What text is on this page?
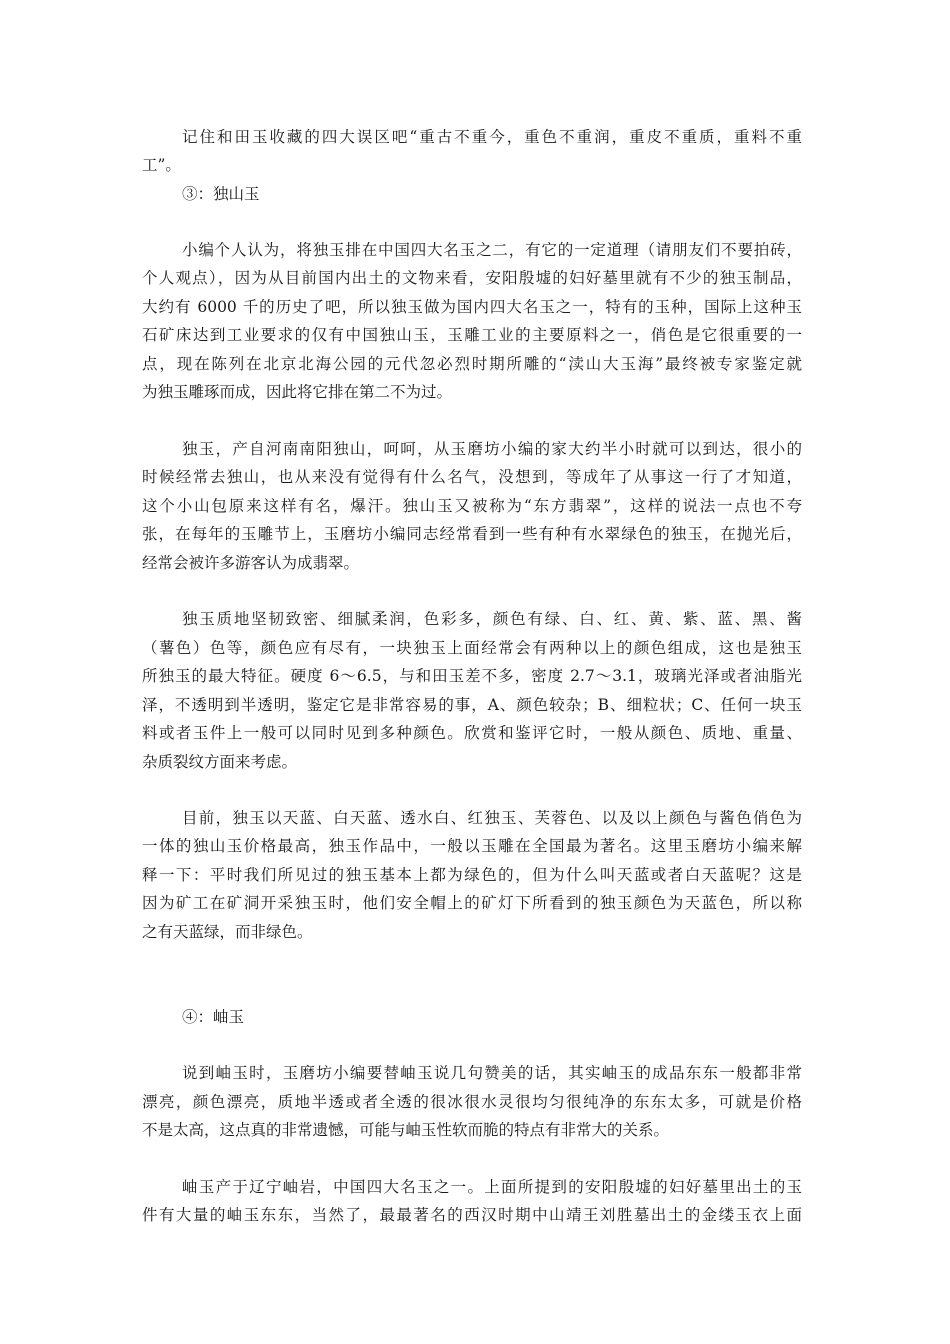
记住和田玉收藏的四大误区吧“重古不重今，重色不重润，重皮不重质，重料不重

工”。

③：独山玉

小编个人认为，将独玉排在中国四大名玉之二，有它的一定道理（请朋友们不要拍砖，

个人观点），因为从目前国内出土的文物来看，安阳殷墟的妇好墓里就有不少的独玉制品，

大约有 6000 千的历史了吧，所以独玉做为国内四大名玉之一，特有的玉种，国际上这种玉

石矿床达到工业要求的仅有中国独山玉，玉雕工业的主要原料之一，俏色是它很重要的一

点，现在陈列在北京北海公园的元代忽必烈时期所雕的“渎山大玉海”最终被专家鉴定就

为独玉雕琢而成，因此将它排在第二不为过。

独玉，产自河南南阳独山，呵呵，从玉磨坊小编的家大约半小时就可以到达，很小的

时候经常去独山，也从来没有觉得有什么名气，没想到，等成年了从事这一行了才知道，

这个小山包原来这样有名，爆汗。独山玉又被称为“东方翡翠”，这样的说法一点也不夸

张，在每年的玉雕节上，玉磨坊小编同志经常看到一些有种有水翠绿色的独玉，在抛光后，

经常会被许多游客认为成翡翠。

独玉质地坚韧致密、细腻柔润，色彩多，颜色有绿、白、红、黄、紫、蓝、黑、酱

（薯色）色等，颜色应有尽有，一块独玉上面经常会有两种以上的颜色组成，这也是独玉

所独玉的最大特征。硬度 6～6.5，与和田玉差不多，密度 2.7～3.1，玻璃光泽或者油脂光

泽，不透明到半透明，鉴定它是非常容易的事，A、颜色较杂；B、细粒状；C、任何一块玉

料或者玉件上一般可以同时见到多种颜色。欣赏和鉴评它时，一般从颜色、质地、重量、

杂质裂纹方面来考虑。

目前，独玉以天蓝、白天蓝、透水白、红独玉、芙蓉色、以及以上颜色与酱色俏色为

一体的独山玉价格最高，独玉作品中，一般以玉雕在全国最为著名。这里玉磨坊小编来解

释一下：平时我们所见过的独玉基本上都为绿色的，但为什么叫天蓝或者白天蓝呢？这是

因为矿工在矿洞开采独玉时，他们安全帽上的矿灯下所看到的独玉颜色为天蓝色，所以称

之有天蓝绿，而非绿色。

④：岫玉

说到岫玉时，玉磨坊小编要替岫玉说几句赞美的话，其实岫玉的成品东东一般都非常

漂亮，颜色漂亮，质地半透或者全透的很冰很水灵很均匀很纯净的东东太多，可就是价格

不是太高，这点真的非常遗憾，可能与岫玉性软而脆的特点有非常大的关系。

岫玉产于辽宁岫岩，中国四大名玉之一。上面所提到的安阳殷墟的妇好墓里出土的玉

件有大量的岫玉东东，当然了，最最著名的西汉时期中山靖王刘胜墓出土的金缕玉衣上面
